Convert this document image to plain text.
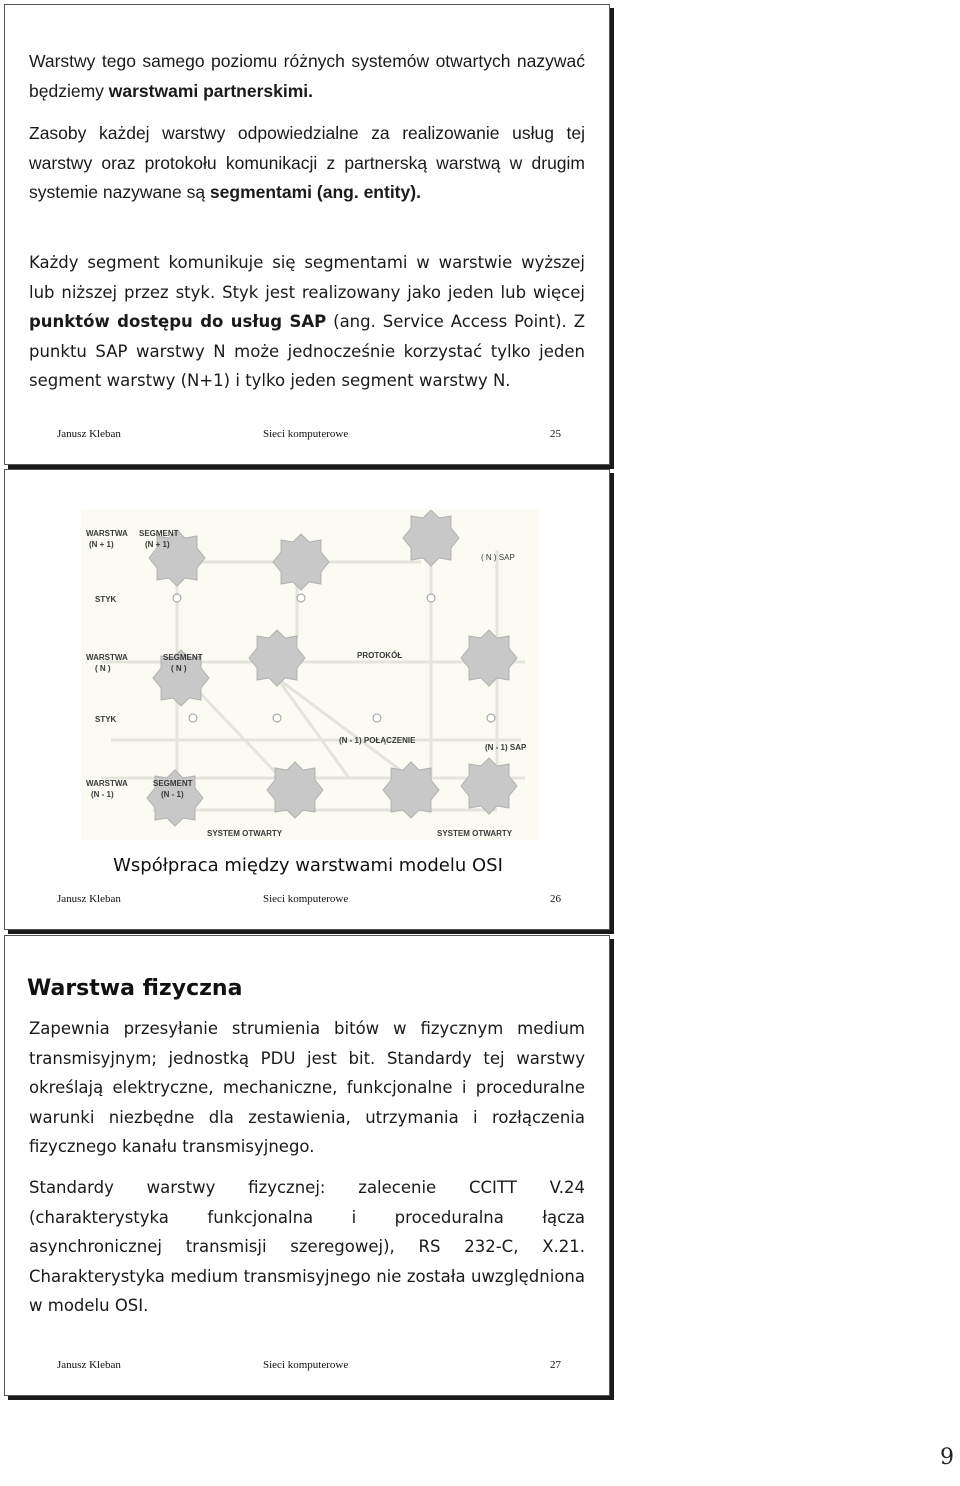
Warstwy tego samego poziomu różnych systemów otwartych nazywać będziemy warstwami partnerskimi.

Zasoby każdej warstwy odpowiedzialne za realizowanie usług tej warstwy oraz protokołu komunikacji z partnerską warstwą w drugim systemie nazywane są segmentami (ang. entity).

Każdy segment komunikuje się segmentami w warstwie wyższej lub niższej przez styk. Styk jest realizowany jako jeden lub więcej punktów dostępu do usług SAP (ang. Service Access Point). Z punktu SAP warstwy N może jednocześnie korzystać tylko jeden segment warstwy (N+1) i tylko jeden segment warstwy N.

Janusz Kleban	Sieci komputerowe	25
WARSTWA
(N + 1)
SEGMENT
(N + 1)
( N ) SAP
STYK
WARSTWA
( N )
SEGMENT
( N )
PROTOKÓŁ
STYK
(N - 1) POŁĄCZENIE
(N - 1) SAP
WARSTWA
(N - 1)
SEGMENT
(N - 1)
SYSTEM OTWARTY	SYSTEM OTWARTY
Współpraca między warstwami modelu OSI
Janusz Kleban	Sieci komputerowe	26
Warstwa fizyczna

Zapewnia przesyłanie strumienia bitów w fizycznym medium transmisyjnym; jednostką PDU jest bit. Standardy tej warstwy określają elektryczne, mechaniczne, funkcjonalne i proceduralne warunki niezbędne dla zestawienia, utrzymania i rozłączenia fizycznego kanału transmisyjnego.

Standardy warstwy fizycznej: zalecenie CCITT V.24 (charakterystyka funkcjonalna i proceduralna łącza asynchronicznej transmisji szeregowej), RS 232-C, X.21. Charakterystyka medium transmisyjnego nie została uwzględniona w modelu OSI.

Janusz Kleban	Sieci komputerowe	27
9
